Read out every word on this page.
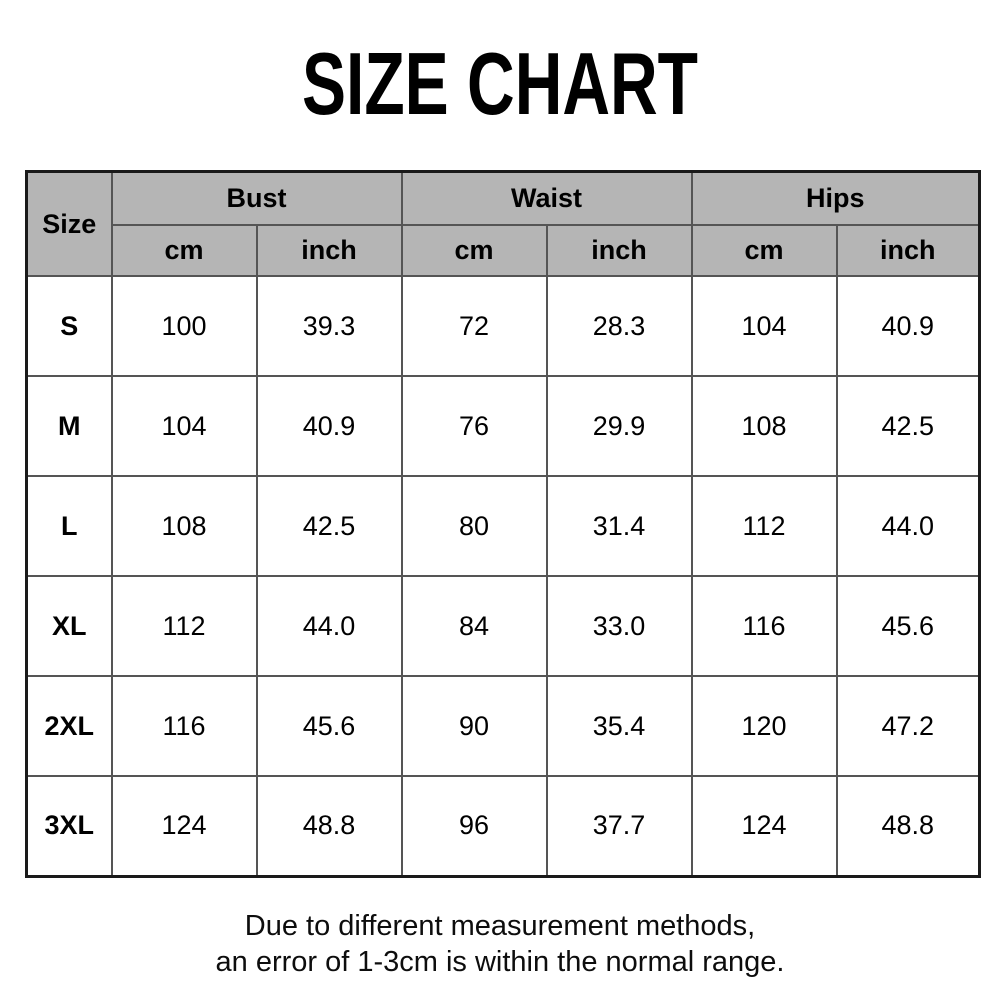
SIZE CHART
Size	Bust		Waist		Hips	
	cm	inch	cm	inch	cm	inch
S	100	39.3	72	28.3	104	40.9
M	104	40.9	76	29.9	108	42.5
L	108	42.5	80	31.4	112	44.0
XL	112	44.0	84	33.0	116	45.6
2XL	116	45.6	90	35.4	120	47.2
3XL	124	48.8	96	37.7	124	48.8
Due to different measurement methods,
an error of 1-3cm is within the normal range.
